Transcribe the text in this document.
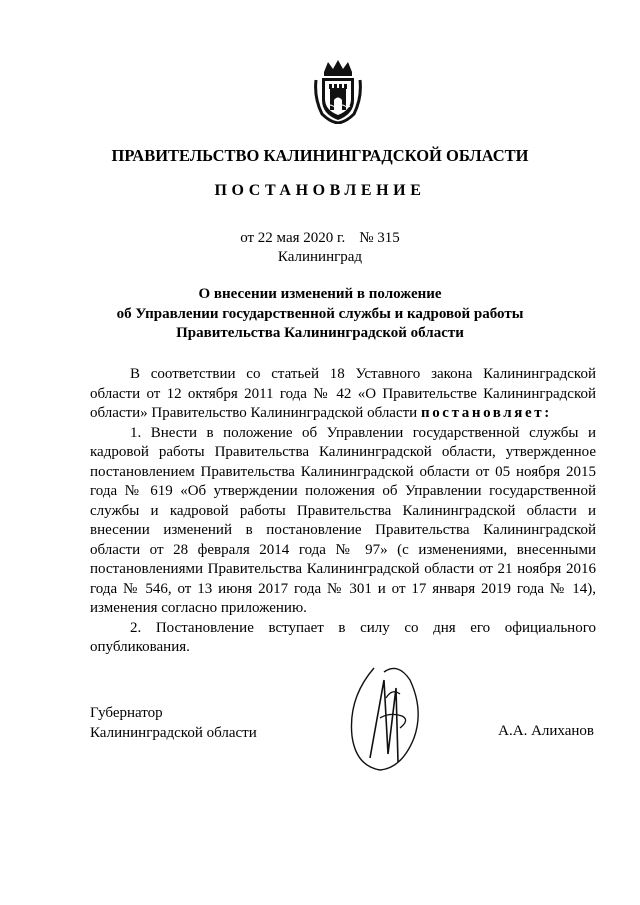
ПРАВИТЕЛЬСТВО КАЛИНИНГРАДСКОЙ ОБЛАСТИ
ПОСТАНОВЛЕНИЕ
от 22 мая 2020 г. № 315
Калининград
О внесении изменений в положение
об Управлении государственной службы и кадровой работы
Правительства Калининградской области

В соответствии со статьей 18 Уставного закона Калининградской области от 12 октября 2011 года № 42 «О Правительстве Калининградской области» Правительство Калининградской области постановляет:

1. Внести в положение об Управлении государственной службы и кадровой работы Правительства Калининградской области, утвержденное постановлением Правительства Калининградской области от 05 ноября 2015 года № 619 «Об утверждении положения об Управлении государственной службы и кадровой работы Правительства Калининградской области и внесении изменений в постановление Правительства Калининградской области от 28 февраля 2014 года № 97» (с изменениями, внесенными постановлениями Правительства Калининградской области от 21 ноября 2016 года № 546, от 13 июня 2017 года № 301 и от 17 января 2019 года № 14), изменения согласно приложению.

2. Постановление вступает в силу со дня его официального опубликования.

Губернатор
Калининградской области	А.А. Алиханов
